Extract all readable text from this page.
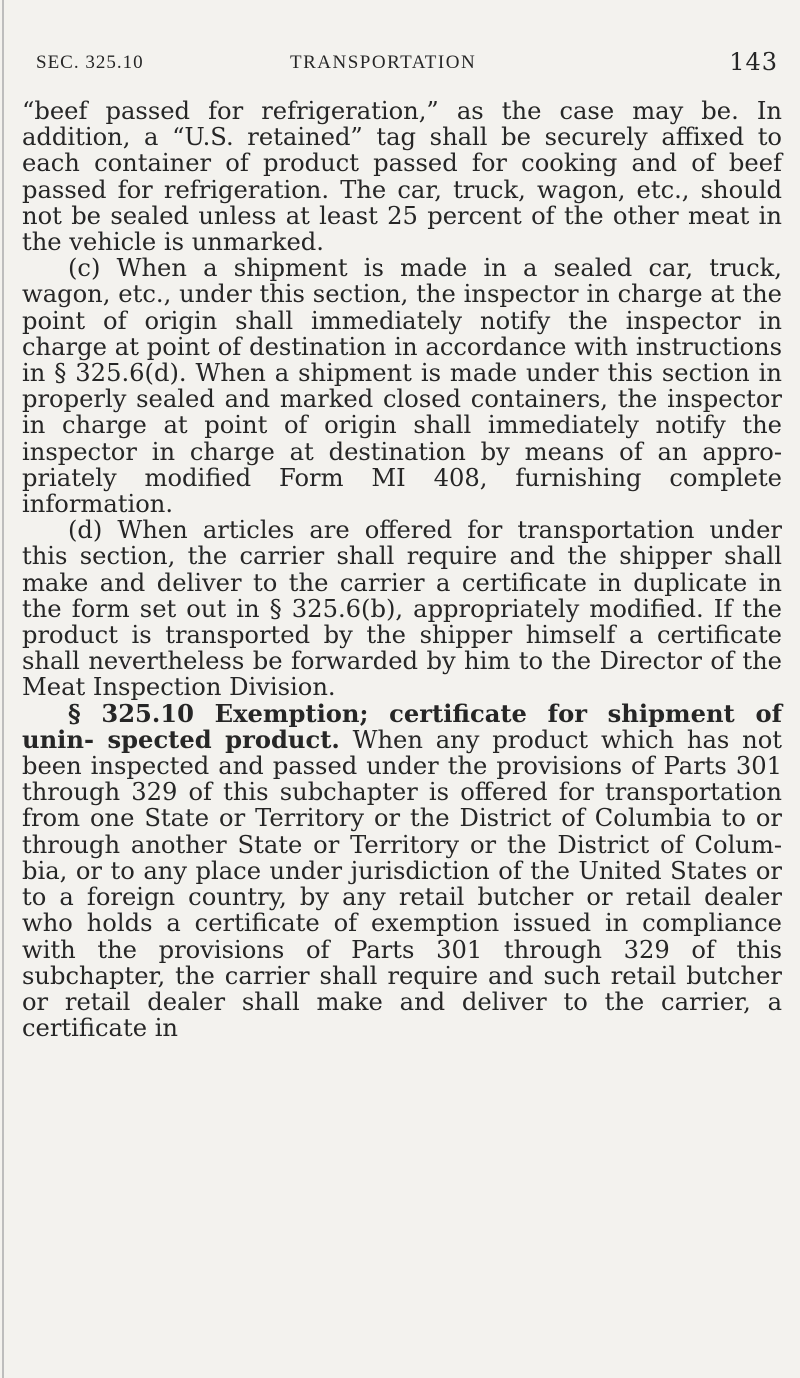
SEC. 325.10	TRANSPORTATION	143

“beef passed for refrigeration,” as the case may be. In addition, a “U.S. retained” tag shall be securely affixed to each container of product passed for cooking and of beef passed for refrigeration. The car, truck, wagon, etc., should not be sealed unless at least 25 percent of the other meat in the vehicle is unmarked.

(c) When a shipment is made in a sealed car, truck, wagon, etc., under this section, the inspector in charge at the point of origin shall immediately notify the inspector in charge at point of destination in accordance with instructions in § 325.6(d). When a shipment is made under this section in properly sealed and marked closed containers, the inspector in charge at point of origin shall immediately notify the inspector in charge at destination by means of an appro- priately modified Form MI 408, furnishing complete information.

(d) When articles are offered for transportation under this section, the carrier shall require and the shipper shall make and deliver to the carrier a certificate in duplicate in the form set out in § 325.6(b), appropriately modified. If the product is transported by the shipper himself a certificate shall nevertheless be forwarded by him to the Director of the Meat Inspection Division.

§ 325.10 Exemption; certificate for shipment of unin- spected product. When any product which has not been inspected and passed under the provisions of Parts 301 through 329 of this subchapter is offered for transportation from one State or Territory or the District of Columbia to or through another State or Territory or the District of Colum- bia, or to any place under jurisdiction of the United States or to a foreign country, by any retail butcher or retail dealer who holds a certificate of exemption issued in compliance with the provisions of Parts 301 through 329 of this subchapter, the carrier shall require and such retail butcher or retail dealer shall make and deliver to the carrier, a certificate in
